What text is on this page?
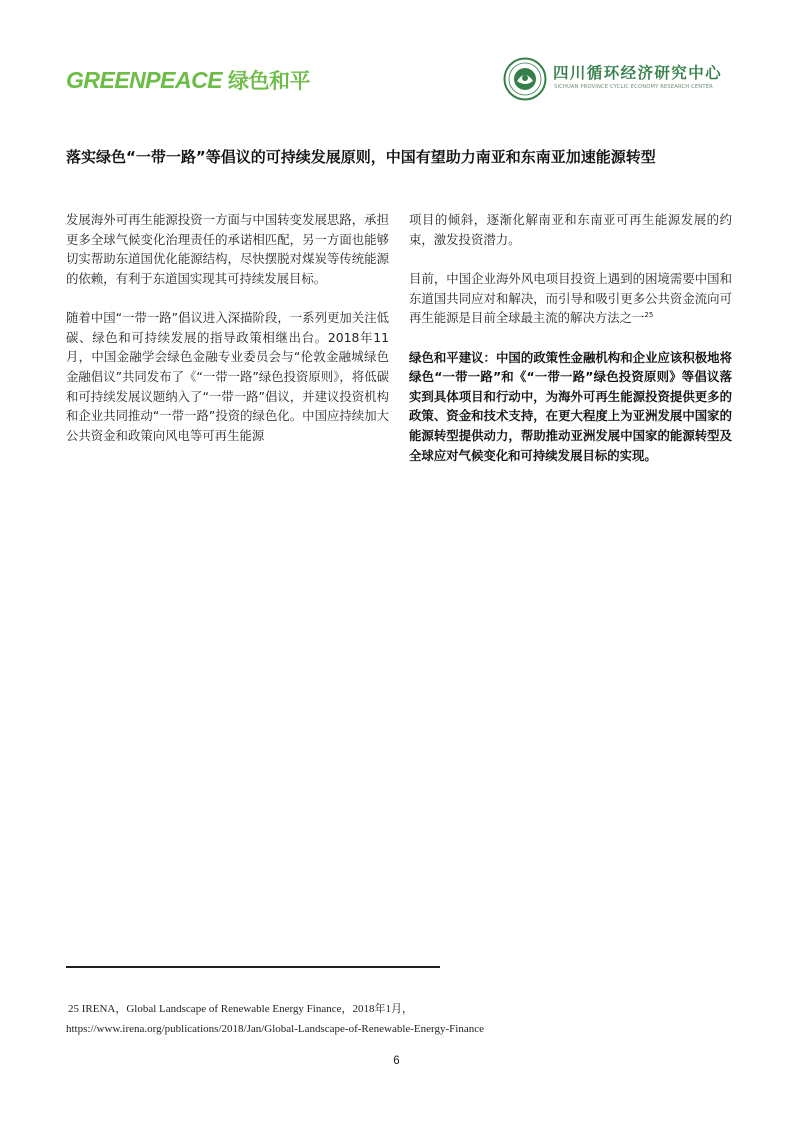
GREENPEACE 绿色和平	四川循环经济研究中心
SICHUAN PROVINCE CYCLIC ECONOMY RESEARCH CENTER
落实绿色“一带一路”等倡议的可持续发展原则，中国有望助力南亚和东南亚加速能源转型

发展海外可再生能源投资一方面与中国转变发展思路，承担更多全球气候变化治理责任的承诺相匹配，另一方面也能够切实帮助东道国优化能源结构，尽快摆脱对煤炭等传统能源的依赖，有利于东道国实现其可持续发展目标。

随着中国“一带一路”倡议进入深描阶段，一系列更加关注低碳、绿色和可持续发展的指导政策相继出台。2018年11月，中国金融学会绿色金融专业委员会与“伦敦金融城绿色金融倡议”共同发布了《“一带一路”绿色投资原则》，将低碳和可持续发展议题纳入了“一带一路”倡议，并建议投资机构和企业共同推动“一带一路”投资的绿色化。中国应持续加大公共资金和政策向风电等可再生能源

项目的倾斜，逐渐化解南亚和东南亚可再生能源发展的约束，激发投资潜力。

目前，中国企业海外风电项目投资上遇到的困境需要中国和东道国共同应对和解决，而引导和吸引更多公共资金流向可再生能源是目前全球最主流的解决方法之一$^{25}$

绿色和平建议：中国的政策性金融机构和企业应该积极地将绿色“一带一路”和《“一带一路”绿色投资原则》等倡议落实到具体项目和行动中，为海外可再生能源投资提供更多的政策、资金和技术支持，在更大程度上为亚洲发展中国家的能源转型提供动力，帮助推动亚洲发展中国家的能源转型及全球应对气候变化和可持续发展目标的实现。

25 IRENA，Global Landscape of Renewable Energy Finance，2018年1月，
https://www.irena.org/publications/2018/Jan/Global-Landscape-of-Renewable-Energy-Finance
6
